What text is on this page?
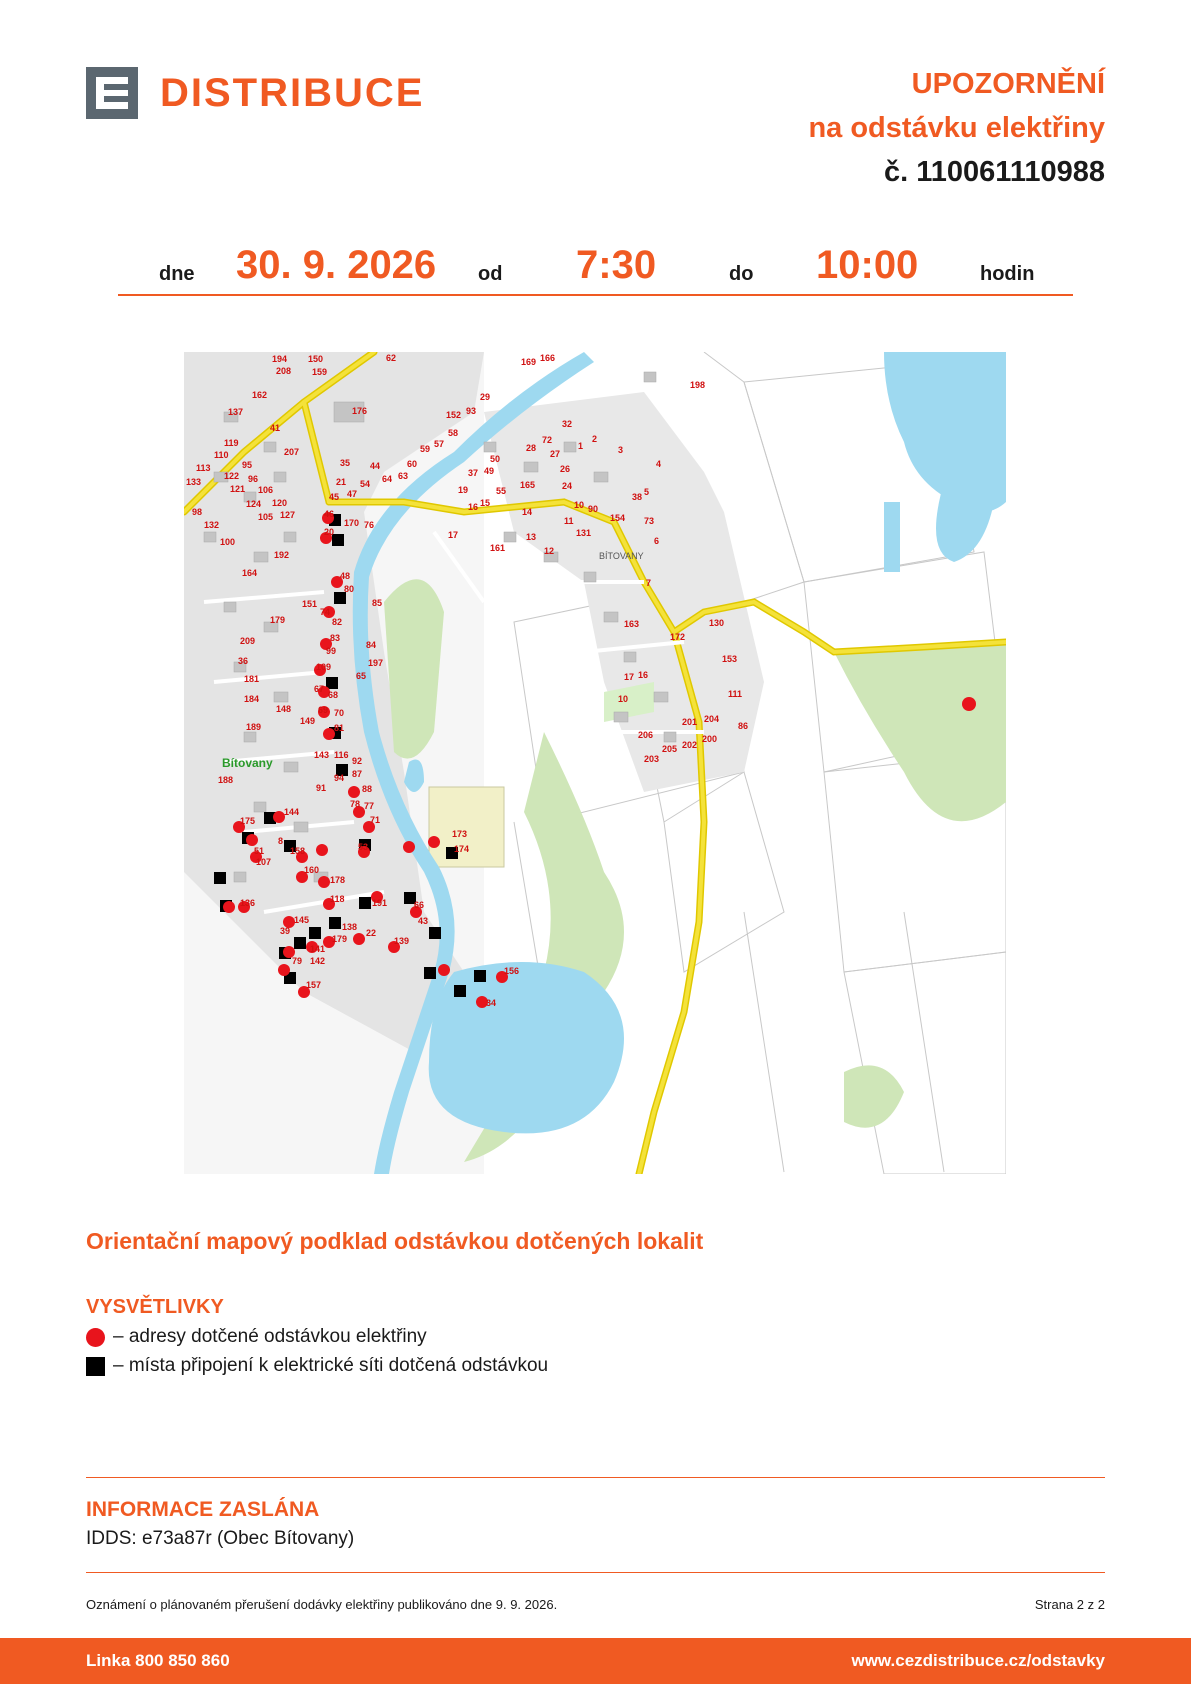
DISTRIBUCE	UPOZORNĚNÍ
na odstávku elektřiny
č. 110061110988
dne 30. 9. 2026 od 7:30	do 10:00	hodin
Bítovany
BÍTOVANY
194 150	62
208 159
169 166
198
162
176
29
137	152 93
41	58
32
119
207
57
59
72
1
2
110
35 44	60
28
27
113	95
63
64
50
3
4
122 96	54
37 49	26
133
121 106
21
45 47	19	55
165	24
38 5
124 120	15
16	14
10 90
154 73
98	105 127	46
170 76	11
131
132
20	17	13
100
192
161	12
6
164	48
80
85
7
151
179
74
82	163	130
209	83
84
172
99
197
36
109
65	17 16
153
181
67
68
184
148	69 70
10	111
149
81
189
206
201 204
86
188
143 116
92
205 202
200
94 87
91
203
88
78 77
71
175
144
173
8
174
51	158	53
107
160
178
136	118	191	66
145
138
43
179
39
141
22
139
142
79
156
157
34
Orientační mapový podklad odstávkou dotčených lokalit
VYSVĚTLIVKY
– adresy dotčené odstávkou elektřiny
– místa připojení k elektrické síti dotčená odstávkou
INFORMACE ZASLÁNA
IDDS: e73a87r (Obec Bítovany)
Oznámení o plánovaném přerušení dodávky elektřiny publikováno dne 9. 9. 2026.	Strana 2 z 2
Linka 800 850 860	www.cezdistribuce.cz/odstavky
